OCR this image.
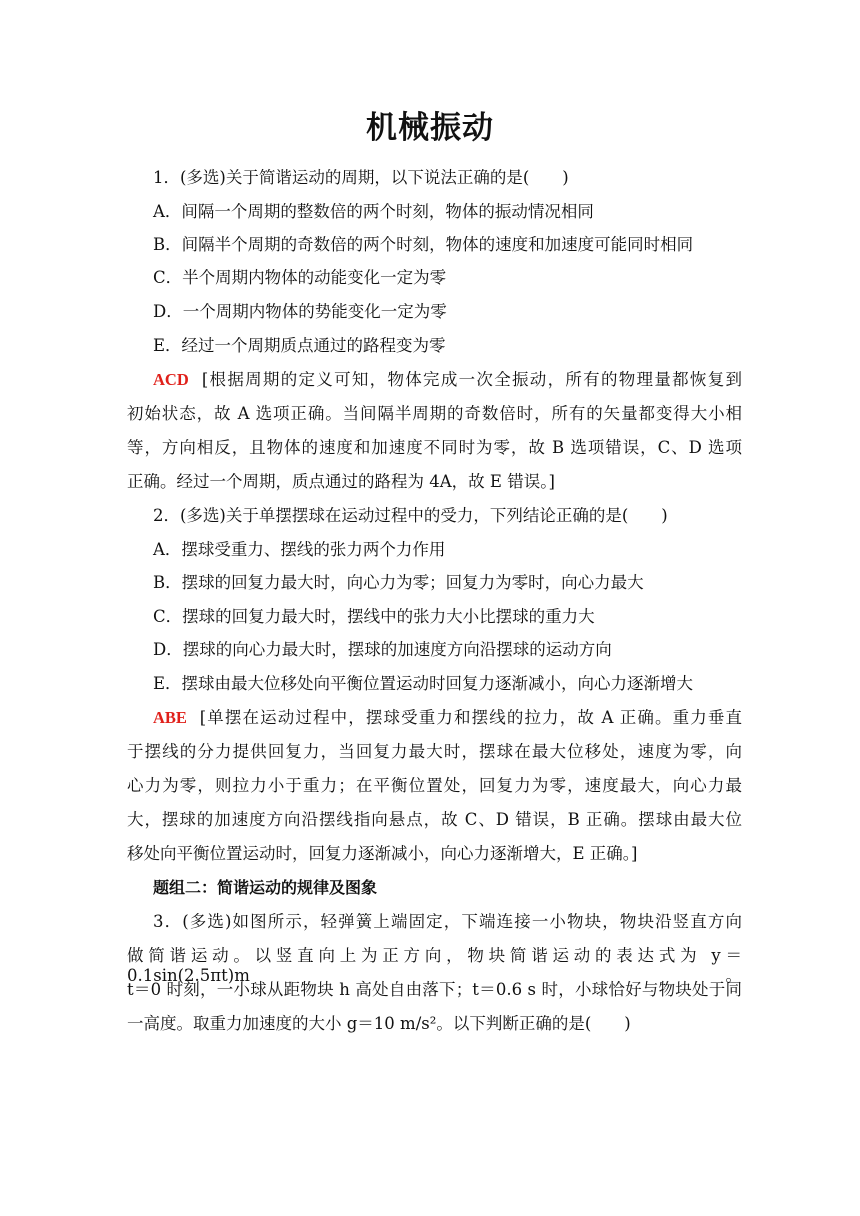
机械振动
1．(多选)关于简谐运动的周期，以下说法正确的是(　　)
A．间隔一个周期的整数倍的两个时刻，物体的振动情况相同
B．间隔半个周期的奇数倍的两个时刻，物体的速度和加速度可能同时相同
C．半个周期内物体的动能变化一定为零
D．一个周期内物体的势能变化一定为零
E．经过一个周期质点通过的路程变为零
ACD [根据周期的定义可知，物体完成一次全振动，所有的物理量都恢复到
初始状态，故 A 选项正确。当间隔半周期的奇数倍时，所有的矢量都变得大小相
等，方向相反，且物体的速度和加速度不同时为零，故 B 选项错误，C、D 选项
正确。经过一个周期，质点通过的路程为 4A，故 E 错误。]
2．(多选)关于单摆摆球在运动过程中的受力，下列结论正确的是(　　)
A．摆球受重力、摆线的张力两个力作用
B．摆球的回复力最大时，向心力为零；回复力为零时，向心力最大
C．摆球的回复力最大时，摆线中的张力大小比摆球的重力大
D．摆球的向心力最大时，摆球的加速度方向沿摆球的运动方向
E．摆球由最大位移处向平衡位置运动时回复力逐渐减小，向心力逐渐增大
ABE [单摆在运动过程中，摆球受重力和摆线的拉力，故 A 正确。重力垂直
于摆线的分力提供回复力，当回复力最大时，摆球在最大位移处，速度为零，向
心力为零，则拉力小于重力；在平衡位置处，回复力为零，速度最大，向心力最
大，摆球的加速度方向沿摆线指向悬点，故 C、D 错误，B 正确。摆球由最大位
移处向平衡位置运动时，回复力逐渐减小，向心力逐渐增大，E 正确。]
题组二：简谐运动的规律及图象
3．(多选)如图所示，轻弹簧上端固定，下端连接一小物块，物块沿竖直方向
做简谐运动。以竖直向上为正方向，物块简谐运动的表达式为 y＝0.1sin(2.5πt)m。
t＝0 时刻，一小球从距物块 h 高处自由落下；t＝0.6 s 时，小球恰好与物块处于同
一高度。取重力加速度的大小 g＝10 m/s²。以下判断正确的是(　　)
